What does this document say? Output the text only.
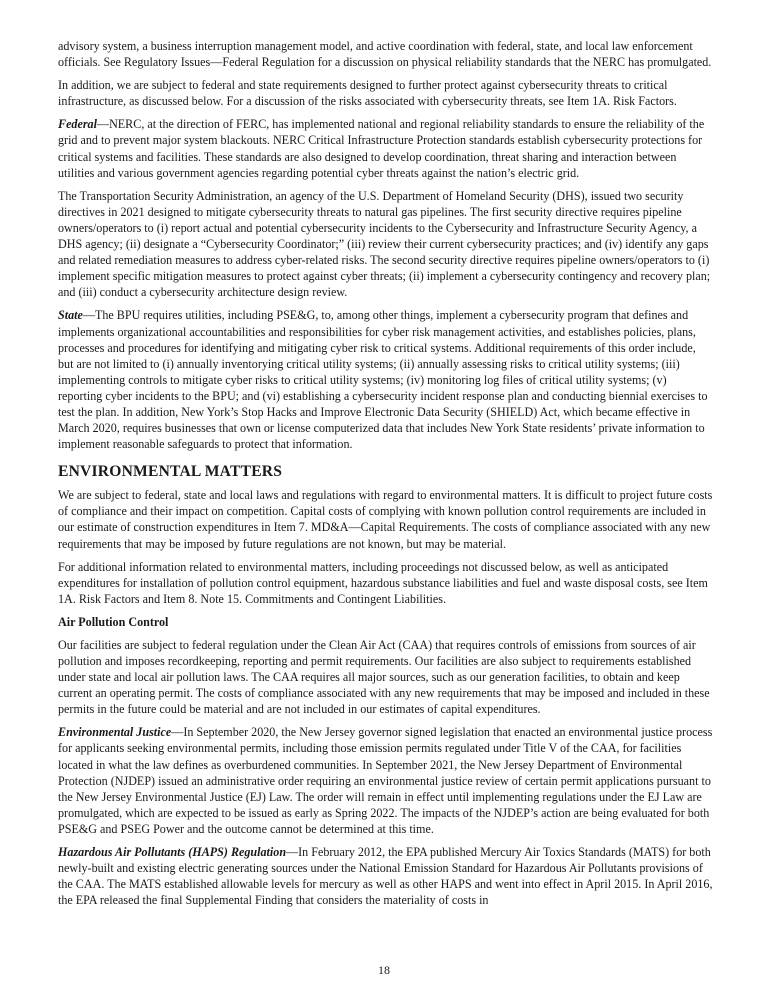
advisory system, a business interruption management model, and active coordination with federal, state, and local law enforcement officials. See Regulatory Issues—Federal Regulation for a discussion on physical reliability standards that the NERC has promulgated.

In addition, we are subject to federal and state requirements designed to further protect against cybersecurity threats to critical infrastructure, as discussed below. For a discussion of the risks associated with cybersecurity threats, see Item 1A. Risk Factors.

Federal—NERC, at the direction of FERC, has implemented national and regional reliability standards to ensure the reliability of the grid and to prevent major system blackouts. NERC Critical Infrastructure Protection standards establish cybersecurity protections for critical systems and facilities. These standards are also designed to develop coordination, threat sharing and interaction between utilities and various government agencies regarding potential cyber threats against the nation’s electric grid.

The Transportation Security Administration, an agency of the U.S. Department of Homeland Security (DHS), issued two security directives in 2021 designed to mitigate cybersecurity threats to natural gas pipelines. The first security directive requires pipeline owners/operators to (i) report actual and potential cybersecurity incidents to the Cybersecurity and Infrastructure Security Agency, a DHS agency; (ii) designate a “Cybersecurity Coordinator;” (iii) review their current cybersecurity practices; and (iv) identify any gaps and related remediation measures to address cyber-related risks. The second security directive requires pipeline owners/operators to (i) implement specific mitigation measures to protect against cyber threats; (ii) implement a cybersecurity contingency and recovery plan; and (iii) conduct a cybersecurity architecture design review.

State—The BPU requires utilities, including PSE&G, to, among other things, implement a cybersecurity program that defines and implements organizational accountabilities and responsibilities for cyber risk management activities, and establishes policies, plans, processes and procedures for identifying and mitigating cyber risk to critical systems. Additional requirements of this order include, but are not limited to (i) annually inventorying critical utility systems; (ii) annually assessing risks to critical utility systems; (iii) implementing controls to mitigate cyber risks to critical utility systems; (iv) monitoring log files of critical utility systems; (v) reporting cyber incidents to the BPU; and (vi) establishing a cybersecurity incident response plan and conducting biennial exercises to test the plan. In addition, New York’s Stop Hacks and Improve Electronic Data Security (SHIELD) Act, which became effective in March 2020, requires businesses that own or license computerized data that includes New York State residents’ private information to implement reasonable safeguards to protect that information.

ENVIRONMENTAL MATTERS

We are subject to federal, state and local laws and regulations with regard to environmental matters. It is difficult to project future costs of compliance and their impact on competition. Capital costs of complying with known pollution control requirements are included in our estimate of construction expenditures in Item 7. MD&A—Capital Requirements. The costs of compliance associated with any new requirements that may be imposed by future regulations are not known, but may be material.

For additional information related to environmental matters, including proceedings not discussed below, as well as anticipated expenditures for installation of pollution control equipment, hazardous substance liabilities and fuel and waste disposal costs, see Item 1A. Risk Factors and Item 8. Note 15. Commitments and Contingent Liabilities.

Air Pollution Control

Our facilities are subject to federal regulation under the Clean Air Act (CAA) that requires controls of emissions from sources of air pollution and imposes recordkeeping, reporting and permit requirements. Our facilities are also subject to requirements established under state and local air pollution laws. The CAA requires all major sources, such as our generation facilities, to obtain and keep current an operating permit. The costs of compliance associated with any new requirements that may be imposed and included in these permits in the future could be material and are not included in our estimates of capital expenditures.

Environmental Justice—In September 2020, the New Jersey governor signed legislation that enacted an environmental justice process for applicants seeking environmental permits, including those emission permits regulated under Title V of the CAA, for facilities located in what the law defines as overburdened communities. In September 2021, the New Jersey Department of Environmental Protection (NJDEP) issued an administrative order requiring an environmental justice review of certain permit applications pursuant to the New Jersey Environmental Justice (EJ) Law. The order will remain in effect until implementing regulations under the EJ Law are promulgated, which are expected to be issued as early as Spring 2022. The impacts of the NJDEP’s action are being evaluated for both PSE&G and PSEG Power and the outcome cannot be determined at this time.

Hazardous Air Pollutants (HAPS) Regulation—In February 2012, the EPA published Mercury Air Toxics Standards (MATS) for both newly-built and existing electric generating sources under the National Emission Standard for Hazardous Air Pollutants provisions of the CAA. The MATS established allowable levels for mercury as well as other HAPS and went into effect in April 2015. In April 2016, the EPA released the final Supplemental Finding that considers the materiality of costs in

18
